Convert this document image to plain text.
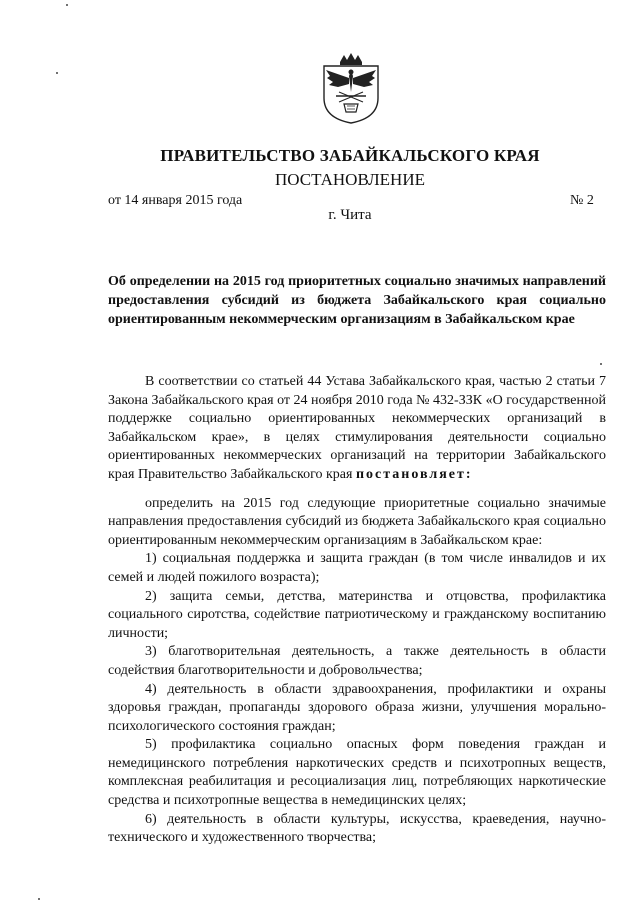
ПРАВИТЕЛЬСТВО ЗАБАЙКАЛЬСКОГО КРАЯ
ПОСТАНОВЛЕНИЕ
от 14 января 2015 года	№ 2
г. Чита
Об определении на 2015 год приоритетных социально значимых направлений предоставления субсидий из бюджета Забайкальского края социально ориентированным некоммерческим организациям в Забайкальском крае

В соответствии со статьей 44 Устава Забайкальского края, частью 2 статьи 7 Закона Забайкальского края от 24 ноября 2010 года № 432-ЗЗК «О государственной поддержке социально ориентированных некоммерческих организаций в Забайкальском крае», в целях стимулирования деятельности социально ориентированных некоммерческих организаций на территории Забайкальского края Правительство Забайкальского края постановляет:

определить на 2015 год следующие приоритетные социально значимые направления предоставления субсидий из бюджета Забайкальского края социально ориентированным некоммерческим организациям в Забайкальском крае:

1) социальная поддержка и защита граждан (в том числе инвалидов и их семей и людей пожилого возраста);

2) защита семьи, детства, материнства и отцовства, профилактика социального сиротства, содействие патриотическому и гражданскому воспитанию личности;

3) благотворительная деятельность, а также деятельность в области содействия благотворительности и добровольчества;

4) деятельность в области здравоохранения, профилактики и охраны здоровья граждан, пропаганды здорового образа жизни, улучшения морально-психологического состояния граждан;

5) профилактика социально опасных форм поведения граждан и немедицинского потребления наркотических средств и психотропных веществ, комплексная реабилитация и ресоциализация лиц, потребляющих наркотические средства и психотропные вещества в немедицинских целях;

6) деятельность в области культуры, искусства, краеведения, научно-технического и художественного творчества;
